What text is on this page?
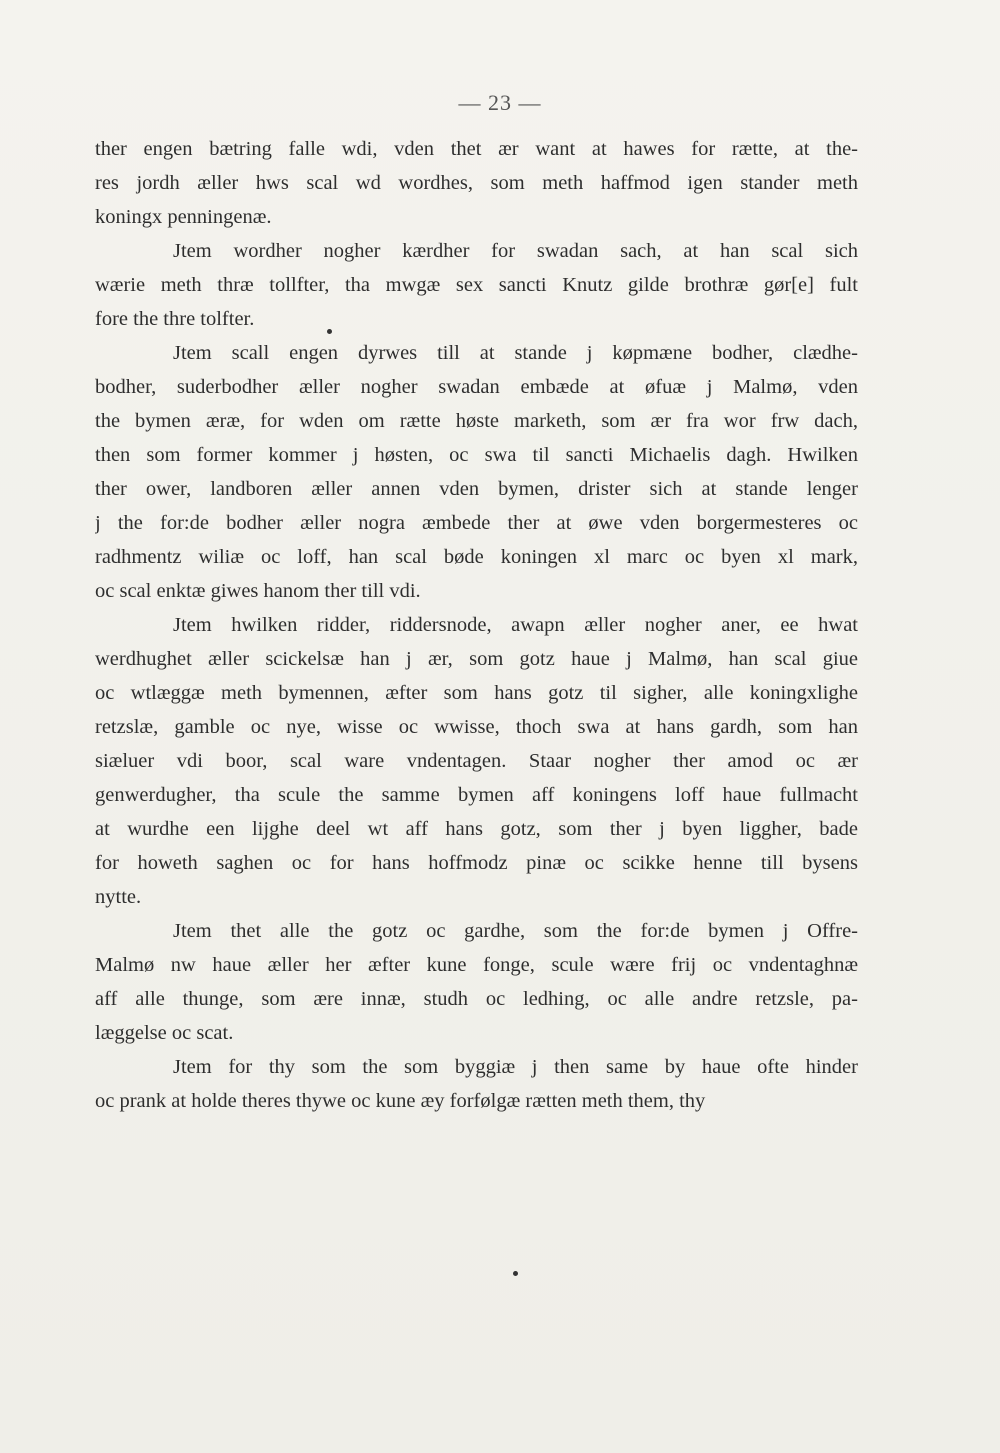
— 23 —
ther engen bætring falle wdi, vden thet ær want at hawes for rætte, at the-
res jordh æller hws scal wd wordhes, som meth haffmod igen stander meth
koningx penningenæ.
Jtem wordher nogher kærdher for swadan sach, at han scal sich
wærie meth thræ tollfter, tha mwgæ sex sancti Knutz gilde brothræ gør[e] fult
fore the thre tolfter.
Jtem scall engen dyrwes till at stande j køpmæne bodher, clædhe-
bodher, suderbodher æller nogher swadan embæde at øfuæ j Malmø, vden
the bymen æræ, for wden om rætte høste marketh, som ær fra wor frw dach,
then som former kommer j høsten, oc swa til sancti Michaelis dagh. Hwilken
ther ower, landboren æller annen vden bymen, drister sich at stande lenger
j the for:de bodher æller nogra æmbede ther at øwe vden borgermesteres oc
radhmentz wiliæ oc loff, han scal bøde koningen xl marc oc byen xl mark,
oc scal enktæ giwes hanom ther till vdi.
Jtem hwilken ridder, riddersnode, awapn æller nogher aner, ee hwat
werdhughet æller scickelsæ han j ær, som gotz haue j Malmø, han scal giue
oc wtlæggæ meth bymennen, æfter som hans gotz til sigher, alle koningxlighe
retzslæ, gamble oc nye, wisse oc wwisse, thoch swa at hans gardh, som han
siæluer vdi boor, scal ware vndentagen. Staar nogher ther amod oc ær
genwerdugher, tha scule the samme bymen aff koningens loff haue fullmacht
at wurdhe een lijghe deel wt aff hans gotz, som ther j byen liggher, bade
for howeth saghen oc for hans hoffmodz pinæ oc scikke henne till bysens
nytte.
Jtem thet alle the gotz oc gardhe, som the for:de bymen j Offre-
Malmø nw haue æller her æfter kune fonge, scule wære frij oc vndentaghnæ
aff alle thunge, som ære innæ, studh oc ledhing, oc alle andre retzsle, pa-
læggelse oc scat.
Jtem for thy som the som byggiæ j then same by haue ofte hinder
oc prank at holde theres thywe oc kune æy forfølgæ rætten meth them, thy
